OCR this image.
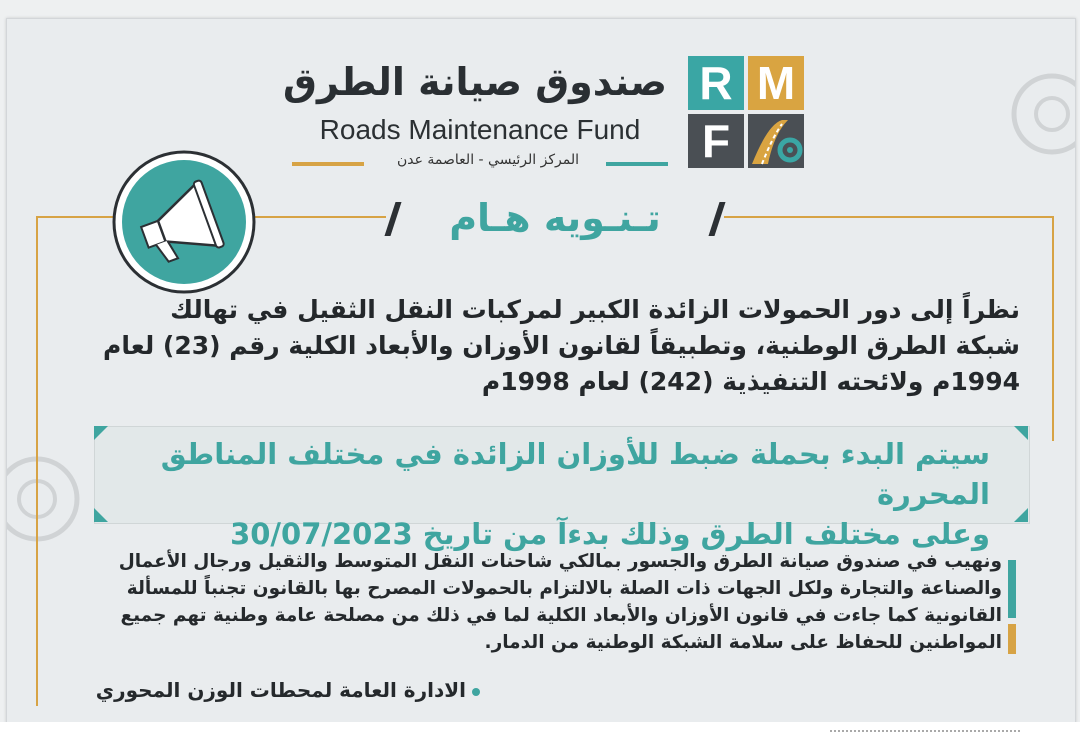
صندوق صيانة الطرق
Roads Maintenance Fund
المركز الرئيسي - العاصمة عدن
R M
F
تـنـويه هـام
نظراً إلى دور الحمولات الزائدة الكبير لمركبات النقل الثقيل في تهالك شبكة الطرق الوطنية، وتطبيقاً لقانون الأوزان والأبعاد الكلية رقم (23) لعام 1994م ولائحته التنفيذية (242) لعام 1998م
سيتم البدء بحملة ضبط للأوزان الزائدة في مختلف المناطق المحررة
وعلى مختلف الطرق وذلك بدءآ من تاريخ 30/07/2023
ونهيب في صندوق صيانة الطرق والجسور بمالكي شاحنات النقل المتوسط والثقيل ورجال الأعمال والصناعة والتجارة ولكل الجهات ذات الصلة بالالتزام بالحمولات المصرح بها بالقانون تجنباً للمسألة القانونية كما جاءت في قانون الأوزان والأبعاد الكلية لما في ذلك من مصلحة عامة وطنية تهم جميع المواطنين للحفاظ على سلامة الشبكة الوطنية من الدمار.
الادارة العامة لمحطات الوزن المحوري
